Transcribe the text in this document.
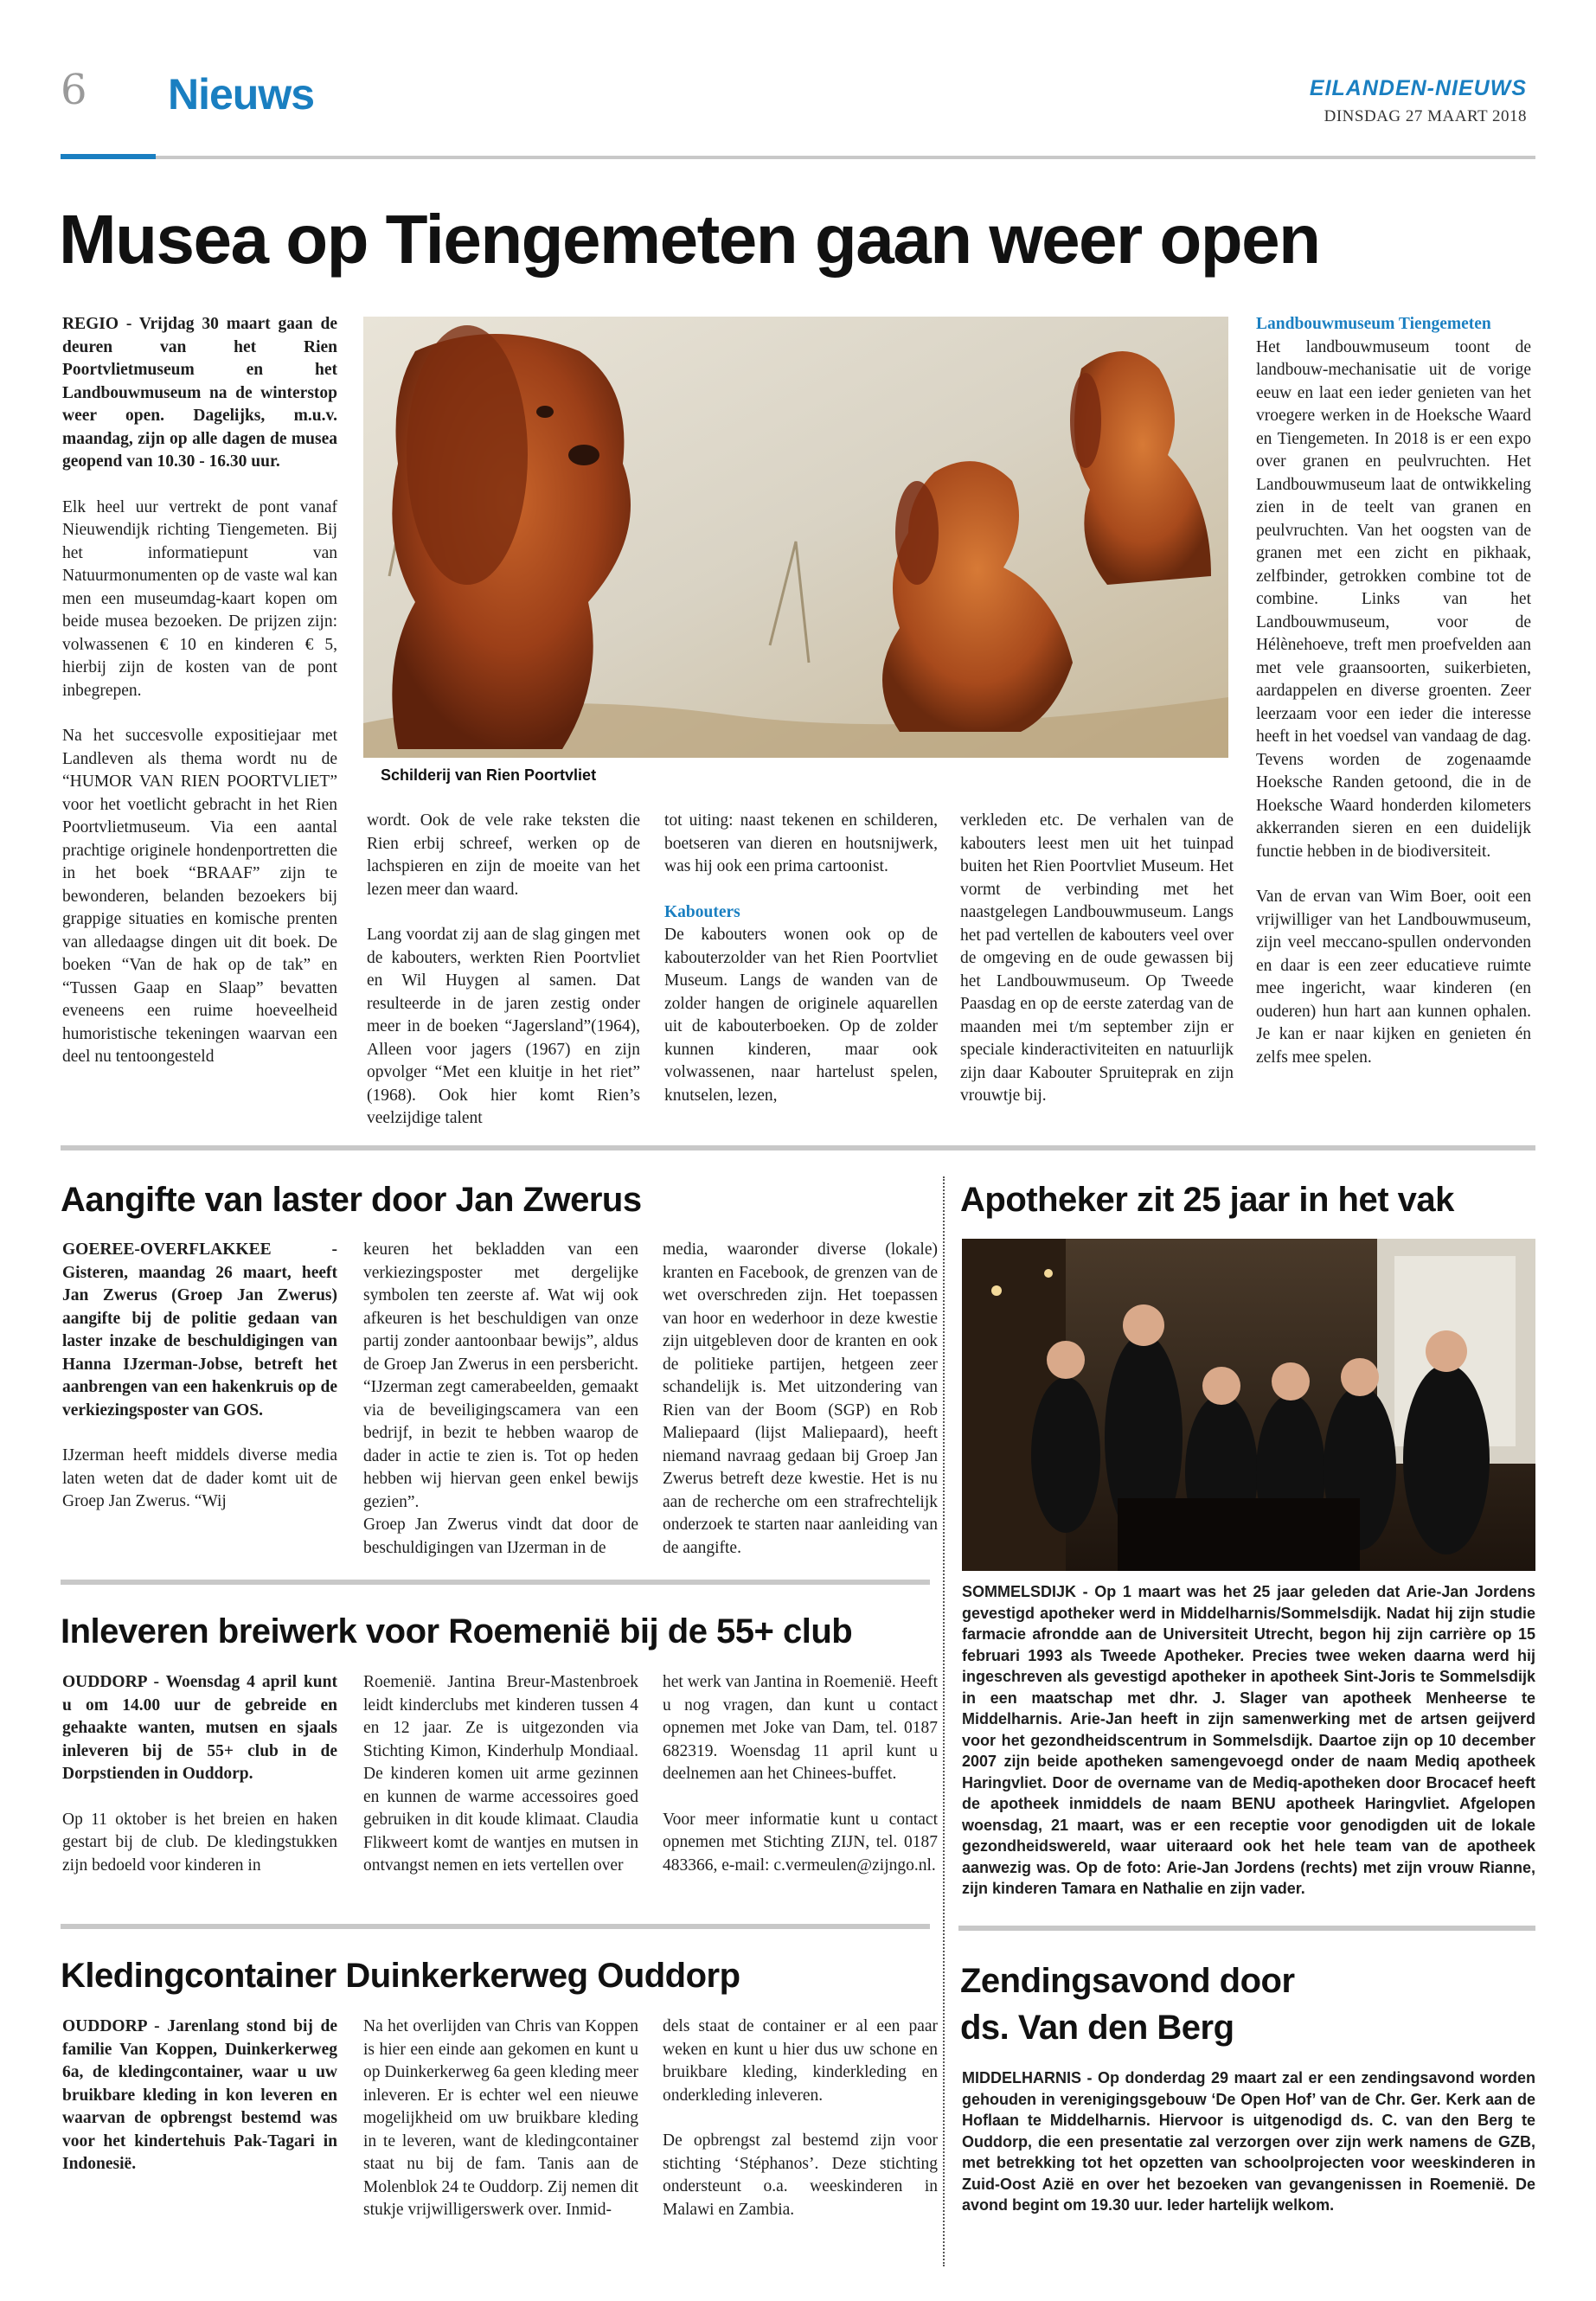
6 Nieuws	EILANDEN-NIEUWS
DINSDAG 27 MAART 2018
Musea op Tiengemeten gaan weer open

REGIO - Vrijdag 30 maart gaan de deuren van het Rien Poortvlietmuseum en het Landbouwmuseum na de winterstop weer open. Dagelijks, m.u.v. maandag, zijn op alle dagen de musea geopend van 10.30 - 16.30 uur.

Elk heel uur vertrekt de pont vanaf Nieuwendijk richting Tiengemeten. Bij het informatiepunt van Natuurmonumenten op de vaste wal kan men een museumdag-kaart kopen om beide musea bezoeken. De prijzen zijn: volwassenen € 10 en kinderen € 5, hierbij zijn de kosten van de pont inbegrepen.

Na het succesvolle expositiejaar met Landleven als thema wordt nu de “HUMOR VAN RIEN POORTVLIET” voor het voetlicht gebracht in het Rien Poortvlietmuseum. Via een aantal prachtige originele hondenportretten die in het boek “BRAAF” zijn te bewonderen, belanden bezoekers bij grappige situaties en komische prenten van alledaagse dingen uit dit boek. De boeken “Van de hak op de tak” en “Tussen Gaap en Slaap” bevatten eveneens een ruime hoeveelheid humoristische tekeningen waarvan een deel nu tentoongesteld

Schilderij van Rien Poortvliet

wordt. Ook de vele rake teksten die Rien erbij schreef, werken op de lachspieren en zijn de moeite van het lezen meer dan waard.

Lang voordat zij aan de slag gingen met de kabouters, werkten Rien Poortvliet en Wil Huygen al samen. Dat resulteerde in de jaren zestig onder meer in de boeken “Jagersland”(1964), Alleen voor jagers (1967) en zijn opvolger “Met een kluitje in het riet” (1968). Ook hier komt Rien’s veelzijdige talent

tot uiting: naast tekenen en schilderen, boetseren van dieren en houtsnijwerk, was hij ook een prima cartoonist.

Kabouters

De kabouters wonen ook op de kabouterzolder van het Rien Poortvliet Museum. Langs de wanden van de zolder hangen de originele aquarellen uit de kabouterboeken. Op de zolder kunnen kinderen, maar ook volwassenen, naar hartelust spelen, knutselen, lezen,

verkleden etc. De verhalen van de kabouters leest men uit het tuinpad buiten het Rien Poortvliet Museum. Het vormt de verbinding met het naastgelegen Landbouwmuseum. Langs het pad vertellen de kabouters veel over de omgeving en de oude gewassen bij het Landbouwmuseum. Op Tweede Paasdag en op de eerste zaterdag van de maanden mei t/m september zijn er speciale kinderactiviteiten en natuurlijk zijn daar Kabouter Spruiteprak en zijn vrouwtje bij.

Landbouwmuseum Tiengemeten

Het landbouwmuseum toont de landbouw-mechanisatie uit de vorige eeuw en laat een ieder genieten van het vroegere werken in de Hoeksche Waard en Tiengemeten. In 2018 is er een expo over granen en peulvruchten. Het Landbouwmuseum laat de ontwikkeling zien in de teelt van granen en peulvruchten. Van het oogsten van de granen met een zicht en pikhaak, zelfbinder, getrokken combine tot de combine. Links van het Landbouwmuseum, voor de Hélènehoeve, treft men proefvelden aan met vele graansoorten, suikerbieten, aardappelen en diverse groenten. Zeer leerzaam voor een ieder die interesse heeft in het voedsel van vandaag de dag. Tevens worden de zogenaamde Hoeksche Randen getoond, die in de Hoeksche Waard honderden kilometers akkerranden sieren en een duidelijk functie hebben in de biodiversiteit.

Van de ervan van Wim Boer, ooit een vrijwilliger van het Landbouwmuseum, zijn veel meccano-spullen ondervonden en daar is een zeer educatieve ruimte mee ingericht, waar kinderen (en ouderen) hun hart aan kunnen ophalen. Je kan er naar kijken en genieten én zelfs mee spelen.

Aangifte van laster door Jan Zwerus

GOEREE-OVERFLAKKEE - Gisteren, maandag 26 maart, heeft Jan Zwerus (Groep Jan Zwerus) aangifte bij de politie gedaan van laster inzake de beschuldigingen van Hanna IJzerman-Jobse, betreft het aanbrengen van een hakenkruis op de verkiezingsposter van GOS.

IJzerman heeft middels diverse media laten weten dat de dader komt uit de Groep Jan Zwerus. “Wij

keuren het bekladden van een verkiezingsposter met dergelijke symbolen ten zeerste af. Wat wij ook afkeuren is het beschuldigen van onze partij zonder aantoonbaar bewijs”, aldus de Groep Jan Zwerus in een persbericht. “IJzerman zegt camerabeelden, gemaakt via de beveiligingscamera van een bedrijf, in bezit te hebben waarop de dader in actie te zien is. Tot op heden hebben wij hiervan geen enkel bewijs gezien”.

Groep Jan Zwerus vindt dat door de beschuldigingen van IJzerman in de

media, waaronder diverse (lokale) kranten en Facebook, de grenzen van de wet overschreden zijn. Het toepassen van hoor en wederhoor in deze kwestie zijn uitgebleven door de kranten en ook de politieke partijen, hetgeen zeer schandelijk is. Met uitzondering van Rien van der Boom (SGP) en Rob Maliepaard (lijst Maliepaard), heeft niemand navraag gedaan bij Groep Jan Zwerus betreft deze kwestie. Het is nu aan de recherche om een strafrechtelijk onderzoek te starten naar aanleiding van de aangifte.

Inleveren breiwerk voor Roemenië bij de 55+ club

OUDDORP - Woensdag 4 april kunt u om 14.00 uur de gebreide en gehaakte wanten, mutsen en sjaals inleveren bij de 55+ club in de Dorpstienden in Ouddorp.

Op 11 oktober is het breien en haken gestart bij de club. De kledingstukken zijn bedoeld voor kinderen in

Roemenië. Jantina Breur-Mastenbroek leidt kinderclubs met kinderen tussen 4 en 12 jaar. Ze is uitgezonden via Stichting Kimon, Kinderhulp Mondiaal. De kinderen komen uit arme gezinnen en kunnen de warme accessoires goed gebruiken in dit koude klimaat. Claudia Flikweert komt de wantjes en mutsen in ontvangst nemen en iets vertellen over

het werk van Jantina in Roemenië. Heeft u nog vragen, dan kunt u contact opnemen met Joke van Dam, tel. 0187 682319. Woensdag 11 april kunt u deelnemen aan het Chinees-buffet.

Voor meer informatie kunt u contact opnemen met Stichting ZIJN, tel. 0187 483366, e-mail: c.vermeulen@zijngo.nl.

Kledingcontainer Duinkerkerweg Ouddorp

OUDDORP - Jarenlang stond bij de familie Van Koppen, Duinkerkerweg 6a, de kledingcontainer, waar u uw bruikbare kleding in kon leveren en waarvan de opbrengst bestemd was voor het kindertehuis Pak-Tagari in Indonesië.

Na het overlijden van Chris van Koppen is hier een einde aan gekomen en kunt u op Duinkerkerweg 6a geen kleding meer inleveren. Er is echter wel een nieuwe mogelijkheid om uw bruikbare kleding in te leveren, want de kledingcontainer staat nu bij de fam. Tanis aan de Molenblok 24 te Ouddorp. Zij nemen dit stukje vrijwilligerswerk over. Inmid-

dels staat de container er al een paar weken en kunt u hier dus uw schone en bruikbare kleding, kinderkleding en onderkleding inleveren.

De opbrengst zal bestemd zijn voor stichting ‘Stéphanos’. Deze stichting ondersteunt o.a. weeskinderen in Malawi en Zambia.

Apotheker zit 25 jaar in het vak
SOMMELSDIJK - Op 1 maart was het 25 jaar geleden dat Arie-Jan Jordens gevestigd apotheker werd in Middelharnis/Sommelsdijk. Nadat hij zijn studie farmacie afrondde aan de Universiteit Utrecht, begon hij zijn carrière op 15 februari 1993 als Tweede Apotheker. Precies twee weken daarna werd hij ingeschreven als gevestigd apotheker in apotheek Sint-Joris te Sommelsdijk in een maatschap met dhr. J. Slager van apotheek Menheerse te Middelharnis. Arie-Jan heeft in zijn samenwerking met de artsen geijverd voor het gezondheidscentrum in Sommelsdijk. Daartoe zijn op 10 december 2007 zijn beide apotheken samengevoegd onder de naam Mediq apotheek Haringvliet. Door de overname van de Mediq-apotheken door Brocacef heeft de apotheek inmiddels de naam BENU apotheek Haringvliet. Afgelopen woensdag, 21 maart, was er een receptie voor genodigden uit de lokale gezondheidswereld, waar uiteraard ook het hele team van de apotheek aanwezig was. Op de foto: Arie-Jan Jordens (rechts) met zijn vrouw Rianne, zijn kinderen Tamara en Nathalie en zijn vader.
Zendingsavond door
ds. Van den Berg
MIDDELHARNIS - Op donderdag 29 maart zal er een zendingsavond worden gehouden in verenigingsgebouw ‘De Open Hof’ van de Chr. Ger. Kerk aan de Hoflaan te Middelharnis. Hiervoor is uitgenodigd ds. C. van den Berg te Ouddorp, die een presentatie zal verzorgen over zijn werk namens de GZB, met betrekking tot het opzetten van schoolprojecten voor weeskinderen in Zuid-Oost Azië en over het bezoeken van gevangenissen in Roemenië. De avond begint om 19.30 uur. Ieder hartelijk welkom.
